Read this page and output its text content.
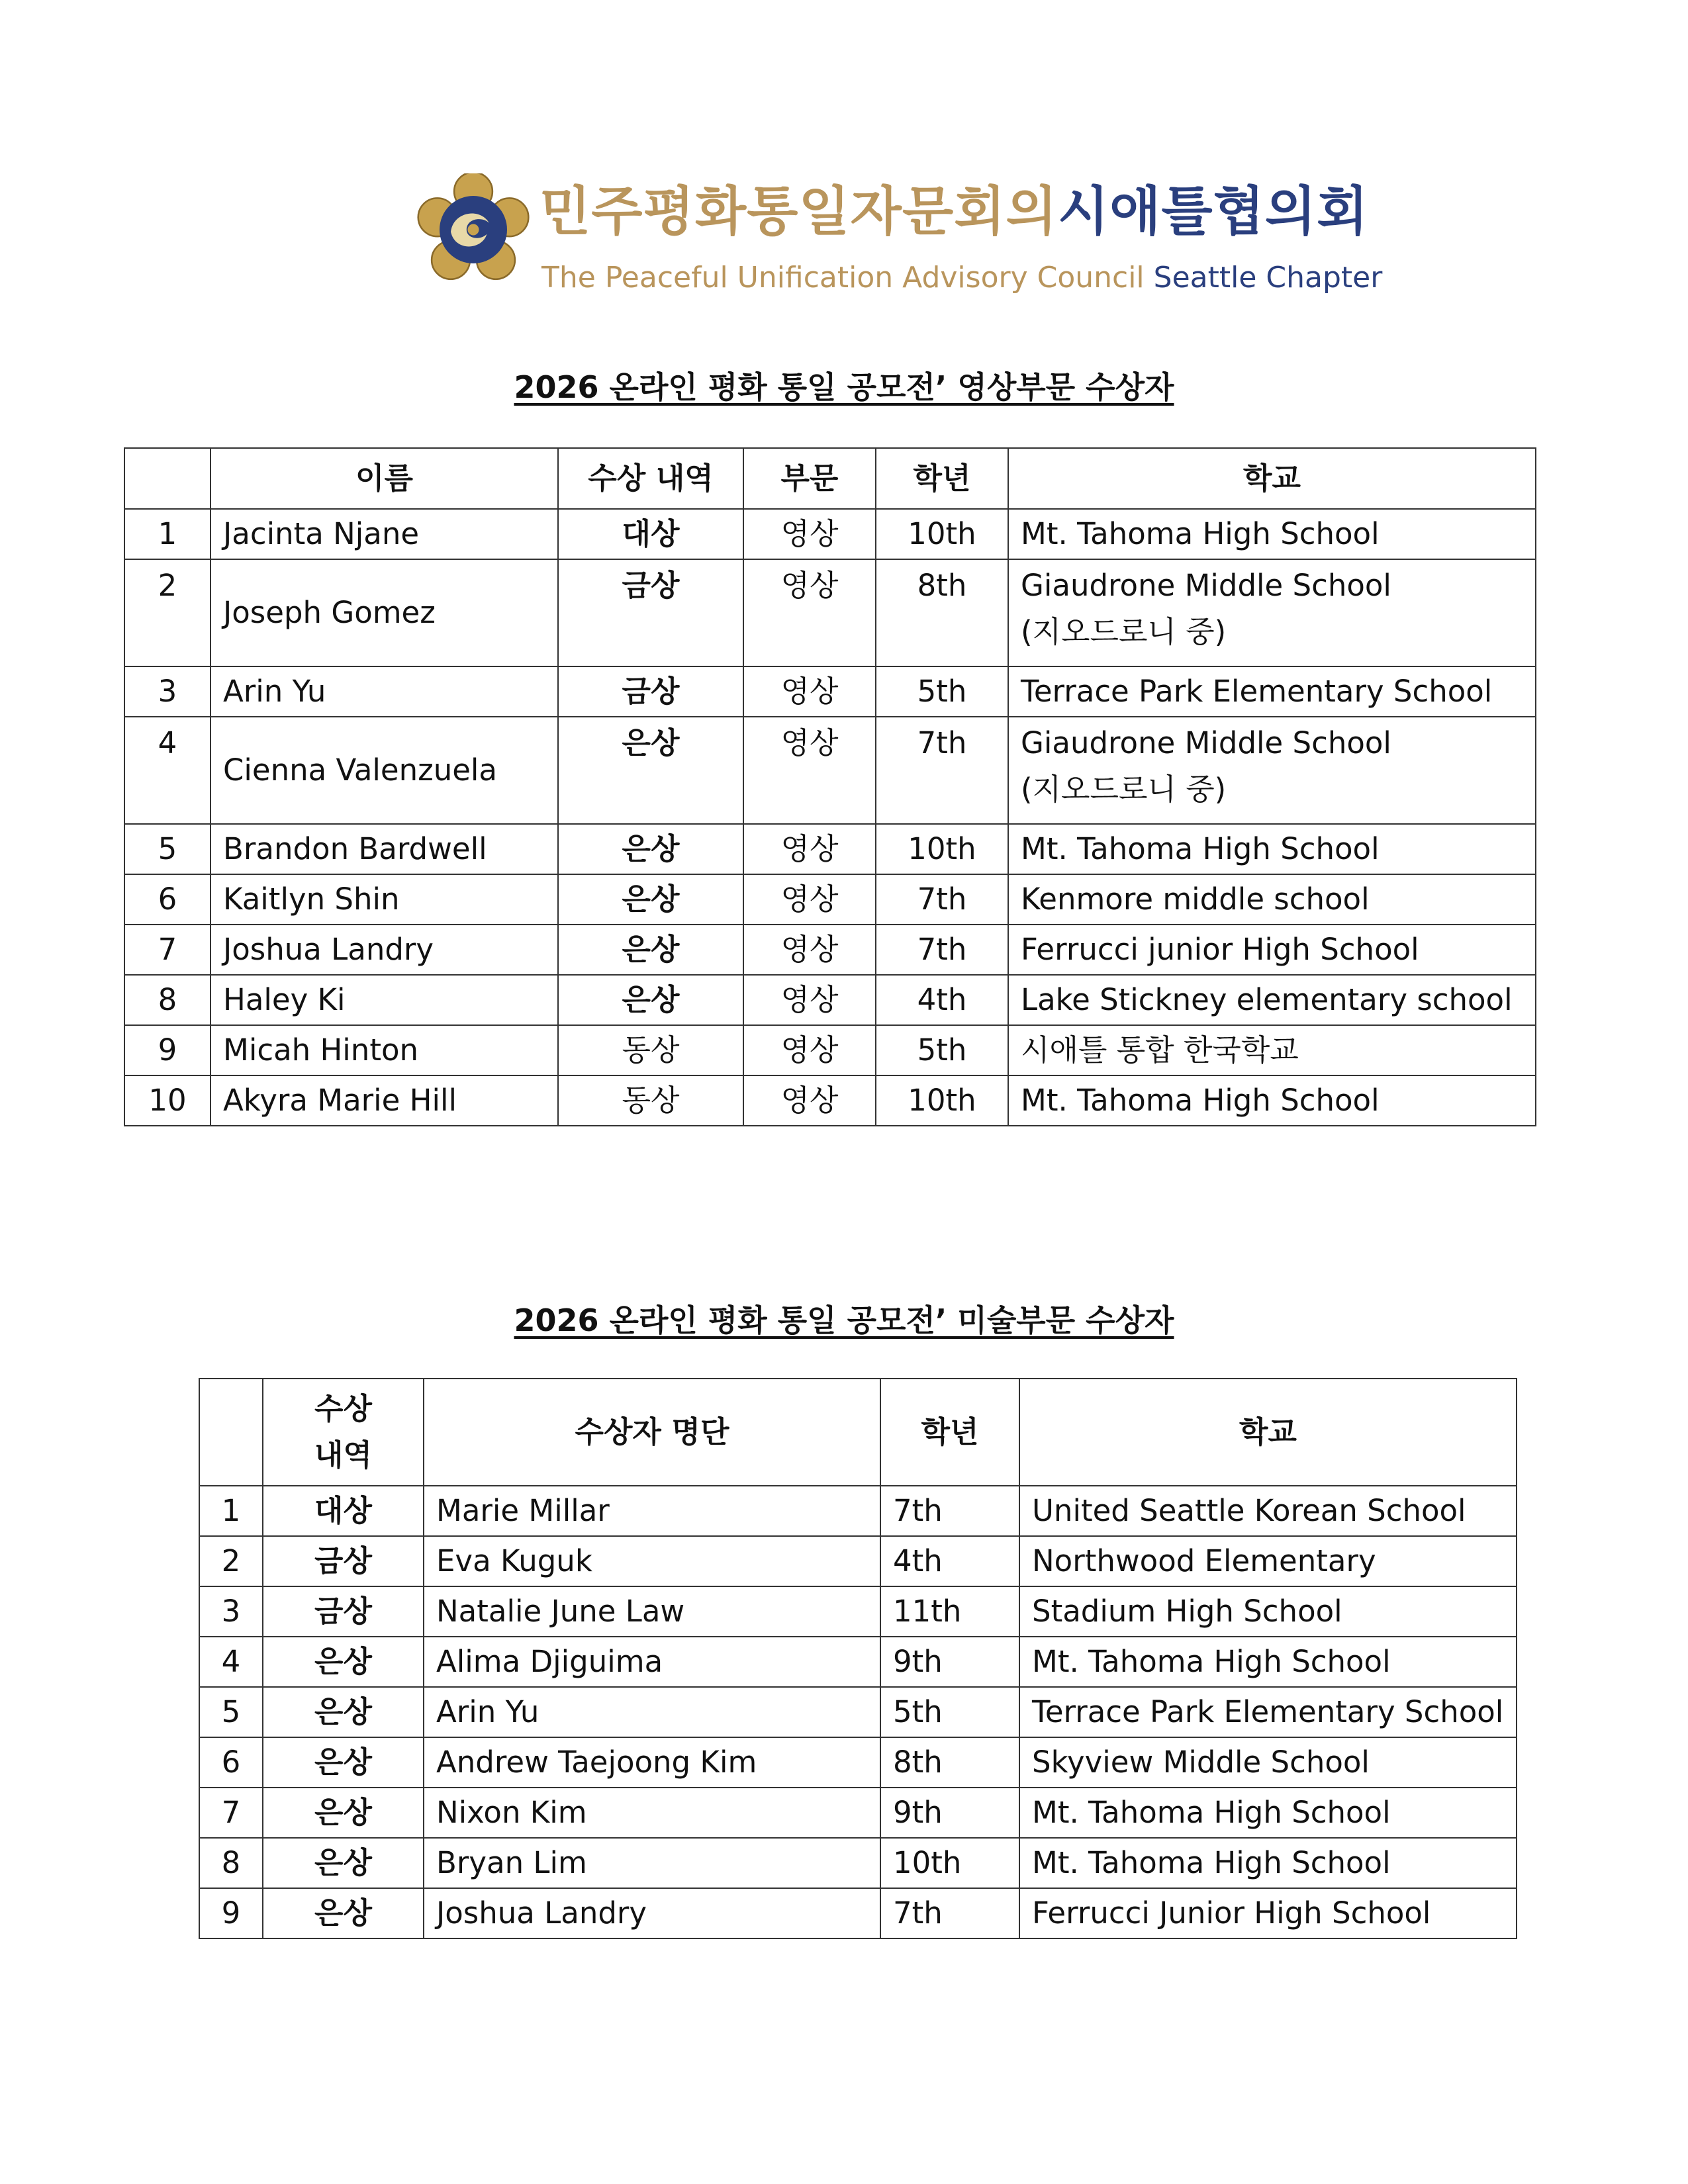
민주평화통일자문회의시애틀협의회
The Peaceful Unification Advisory Council Seattle Chapter
2026 온라인 평화 통일 공모전’ 영상부문 수상자
	이름	수상 내역	부문	학년	학교
1	Jacinta Njane	대상	영상	10th	Mt. Tahoma High School
2	Joseph Gomez	금상	영상	8th	Giaudrone Middle School
(지오드로니 중)

3	Arin Yu	금상	영상	5th	Terrace Park Elementary School
4	Cienna Valenzuela	은상	영상	7th	Giaudrone Middle School
(지오드로니 중)

5	Brandon Bardwell	은상	영상	10th	Mt. Tahoma High School
6	Kaitlyn Shin	은상	영상	7th	Kenmore middle school
7	Joshua Landry	은상	영상	7th	Ferrucci junior High School
8	Haley Ki	은상	영상	4th	Lake Stickney elementary school
9	Micah Hinton	동상	영상	5th	시애틀 통합 한국학교
10	Akyra Marie Hill	동상	영상	10th	Mt. Tahoma High School
2026 온라인 평화 통일 공모전’ 미술부문 수상자

	수상
내역	수상자 명단	학년	학교
1	대상	Marie Millar	7th	United Seattle Korean School
2	금상	Eva Kuguk	4th	Northwood Elementary
3	금상	Natalie June Law	11th	Stadium High School
4	은상	Alima Djiguima	9th	Mt. Tahoma High School
5	은상	Arin Yu	5th	Terrace Park Elementary School
6	은상	Andrew Taejoong Kim	8th	Skyview Middle School
7	은상	Nixon Kim	9th	Mt. Tahoma High School
8	은상	Bryan Lim	10th	Mt. Tahoma High School
9	은상	Joshua Landry	7th	Ferrucci Junior High School
